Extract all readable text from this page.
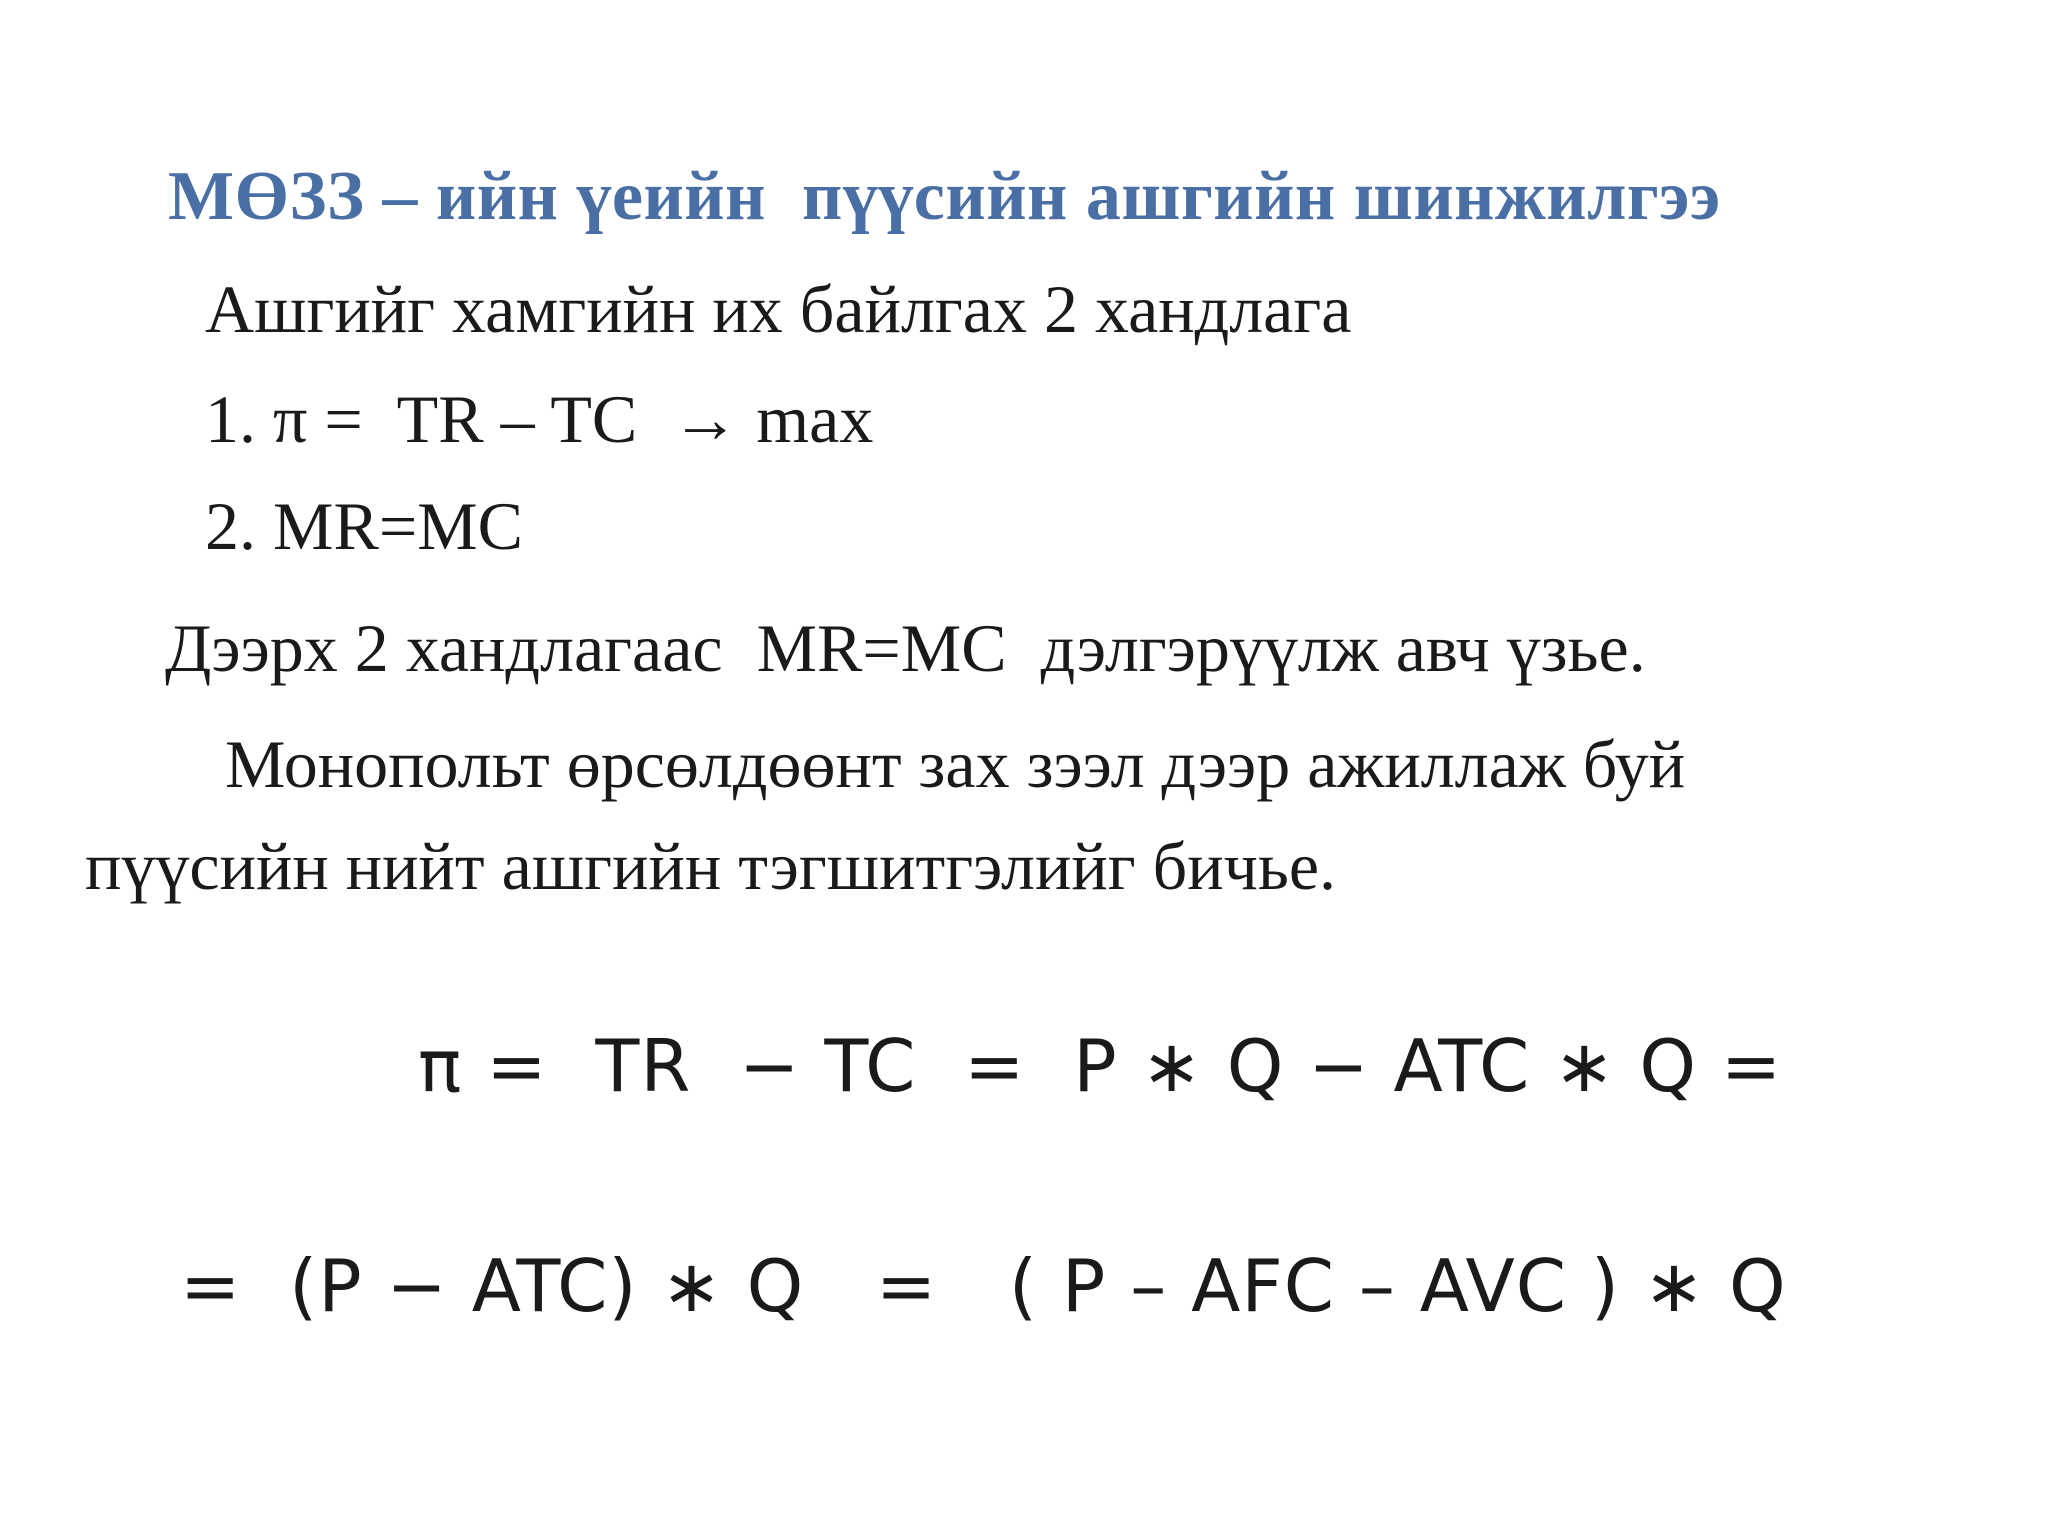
МӨЗЗ – ийн үеийн  пүүсийн ашгийн шинжилгээ
Ашгийг хамгийн их байлгах 2 хандлага
1. π =  TR – TC  → max
2. MR=MC
Дээрх 2 хандлагаас  MR=MC  дэлгэрүүлж авч үзье.
Монопольт өрсөлдөөнт зах зээл дээр ажиллаж буй
пүүсийн нийт ашгийн тэгшитгэлийг бичье.
π =  TR  − TC  =  P ∗ Q − ATC ∗ Q =
=  (P − ATC) ∗ Q   =   ( P – AFC – AVC ) ∗ Q
